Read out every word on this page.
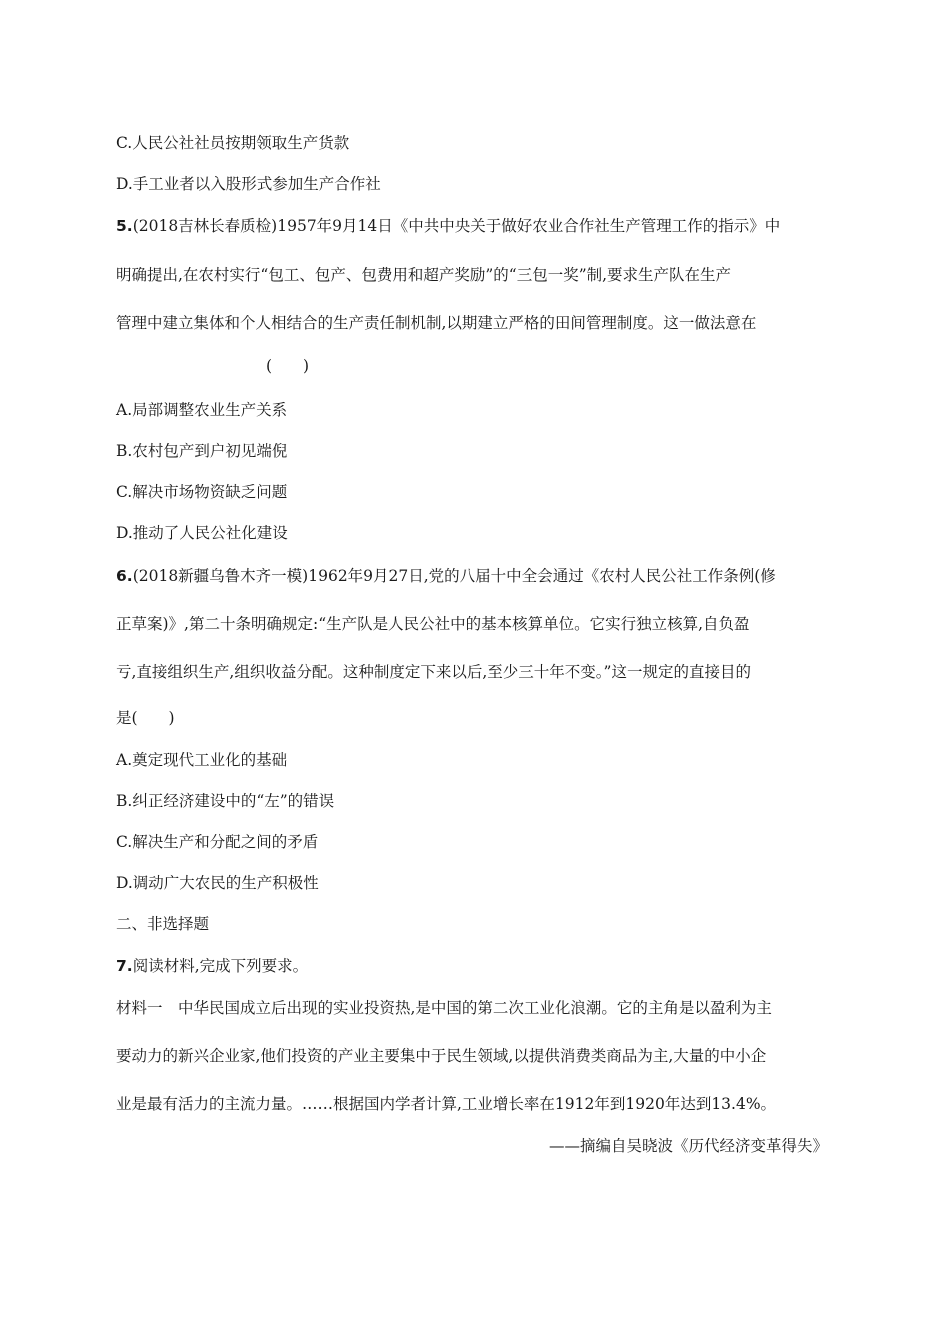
C.人民公社社员按期领取生产货款
D.手工业者以入股形式参加生产合作社
5.(2018吉林长春质检)1957年9月14日《中共中央关于做好农业合作社生产管理工作的指示》中
明确提出,在农村实行“包工、包产、包费用和超产奖励”的“三包一奖”制,要求生产队在生产
管理中建立集体和个人相结合的生产责任制机制,以期建立严格的田间管理制度。这一做法意在
(　　)
A.局部调整农业生产关系
B.农村包产到户初见端倪
C.解决市场物资缺乏问题
D.推动了人民公社化建设
6.(2018新疆乌鲁木齐一模)1962年9月27日,党的八届十中全会通过《农村人民公社工作条例(修
正草案)》,第二十条明确规定:“生产队是人民公社中的基本核算单位。它实行独立核算,自负盈
亏,直接组织生产,组织收益分配。这种制度定下来以后,至少三十年不变。”这一规定的直接目的
是(　　)
A.奠定现代工业化的基础
B.纠正经济建设中的“左”的错误
C.解决生产和分配之间的矛盾
D.调动广大农民的生产积极性
二、非选择题
7.阅读材料,完成下列要求。
材料一　中华民国成立后出现的实业投资热,是中国的第二次工业化浪潮。它的主角是以盈利为主
要动力的新兴企业家,他们投资的产业主要集中于民生领域,以提供消费类商品为主,大量的中小企
业是最有活力的主流力量。……根据国内学者计算,工业增长率在1912年到1920年达到13.4%。
——摘编自吴晓波《历代经济变革得失》
